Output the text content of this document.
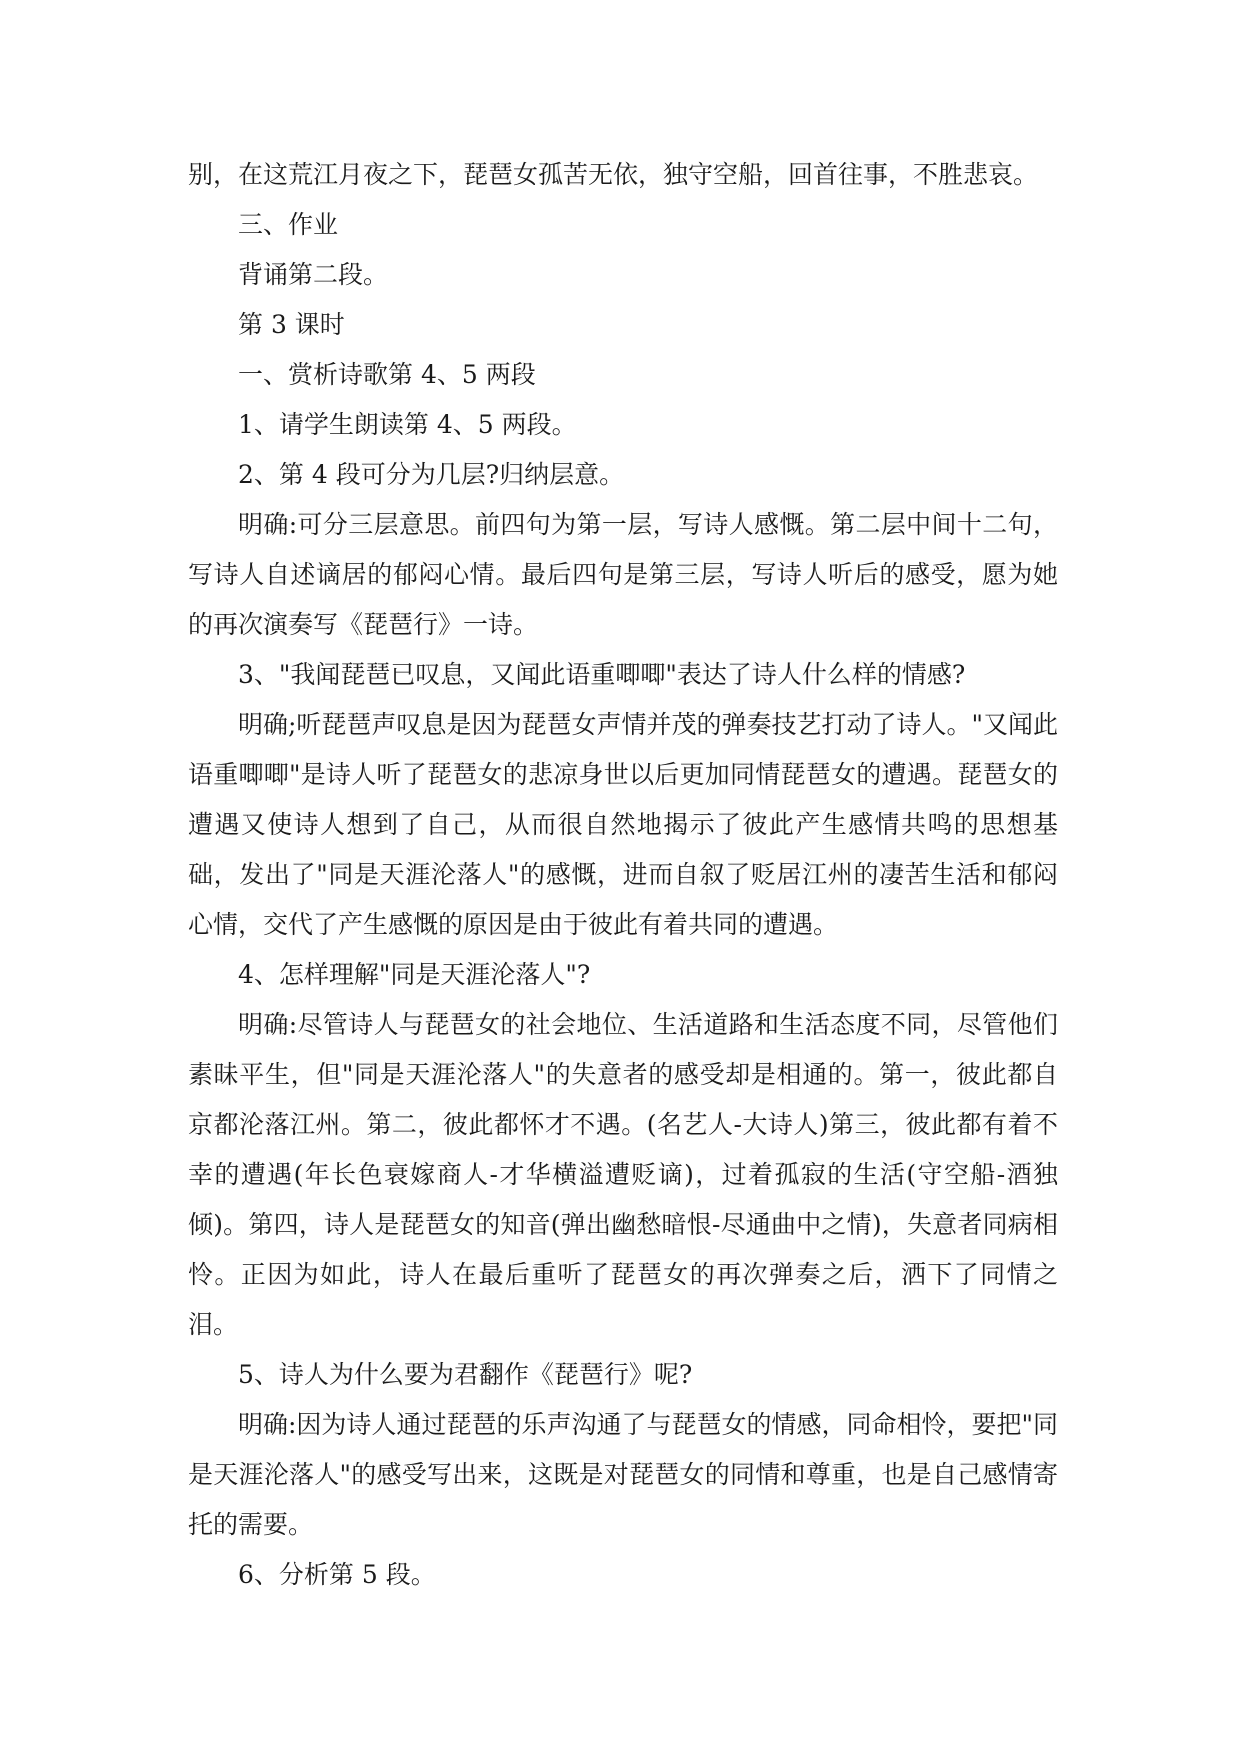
别，在这荒江月夜之下，琵琶女孤苦无依，独守空船，回首往事，不胜悲哀。

三、作业

背诵第二段。

第 3 课时

一、赏析诗歌第 4、5 两段

1、请学生朗读第 4、5 两段。

2、第 4 段可分为几层?归纳层意。

明确:可分三层意思。前四句为第一层，写诗人感慨。第二层中间十二句，写诗人自述谪居的郁闷心情。最后四句是第三层，写诗人听后的感受，愿为她的再次演奏写《琵琶行》一诗。

3、"我闻琵琶已叹息，又闻此语重唧唧"表达了诗人什么样的情感?

明确;听琵琶声叹息是因为琵琶女声情并茂的弹奏技艺打动了诗人。"又闻此语重唧唧"是诗人听了琵琶女的悲凉身世以后更加同情琵琶女的遭遇。琵琶女的遭遇又使诗人想到了自己，从而很自然地揭示了彼此产生感情共鸣的思想基础，发出了"同是天涯沦落人"的感慨，进而自叙了贬居江州的凄苦生活和郁闷心情，交代了产生感慨的原因是由于彼此有着共同的遭遇。

4、怎样理解"同是天涯沦落人"?

明确:尽管诗人与琵琶女的社会地位、生活道路和生活态度不同，尽管他们素昧平生，但"同是天涯沦落人"的失意者的感受却是相通的。第一，彼此都自京都沦落江州。第二，彼此都怀才不遇。(名艺人-大诗人)第三，彼此都有着不幸的遭遇(年长色衰嫁商人-才华横溢遭贬谪)，过着孤寂的生活(守空船-酒独倾)。第四，诗人是琵琶女的知音(弹出幽愁暗恨-尽通曲中之情)，失意者同病相怜。正因为如此，诗人在最后重听了琵琶女的再次弹奏之后，洒下了同情之泪。

5、诗人为什么要为君翻作《琵琶行》呢?

明确:因为诗人通过琵琶的乐声沟通了与琵琶女的情感，同命相怜，要把"同是天涯沦落人"的感受写出来，这既是对琵琶女的同情和尊重，也是自己感情寄托的需要。

6、分析第 5 段。
